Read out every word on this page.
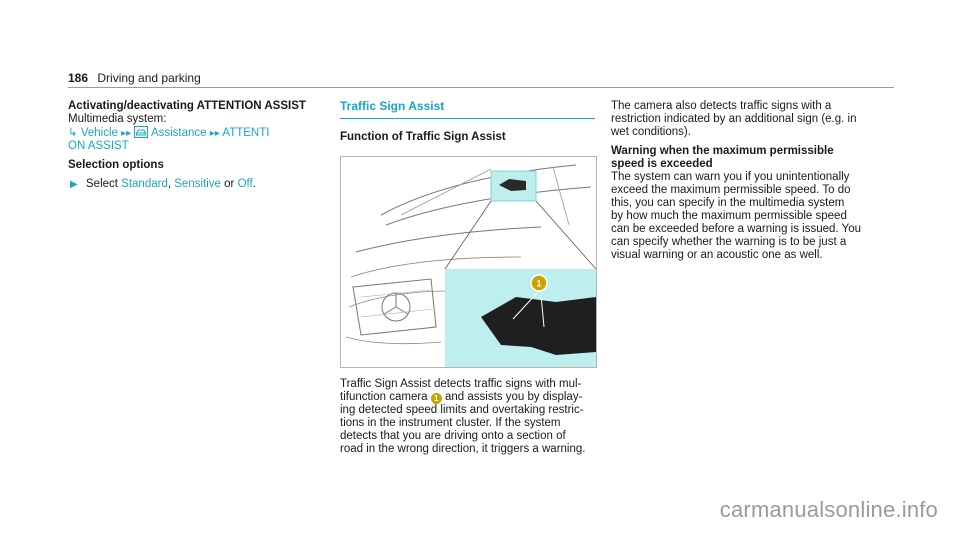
186 Driving and parking
Activating/deactivating ATTENTION ASSIST
Multimedia system:
↳ Vehicle ▸▸ Assistance ▸▸ ATTENTI
ON ASSIST
Selection options
▶ Select Standard, Sensitive or Off.
Traffic Sign Assist
Function of Traffic Sign Assist
1
Traffic Sign Assist detects traffic signs with mul-
tifunction camera 1 and assists you by display-
ing detected speed limits and overtaking restric-
tions in the instrument cluster. If the system
detects that you are driving onto a section of
road in the wrong direction, it triggers a warning.
The camera also detects traffic signs with a
restriction indicated by an additional sign (e.g. in
wet conditions).
Warning when the maximum permissible
speed is exceeded
The system can warn you if you unintentionally
exceed the maximum permissible speed. To do
this, you can specify in the multimedia system
by how much the maximum permissible speed
can be exceeded before a warning is issued. You
can specify whether the warning is to be just a
visual warning or an acoustic one as well.
carmanualsonline.info
